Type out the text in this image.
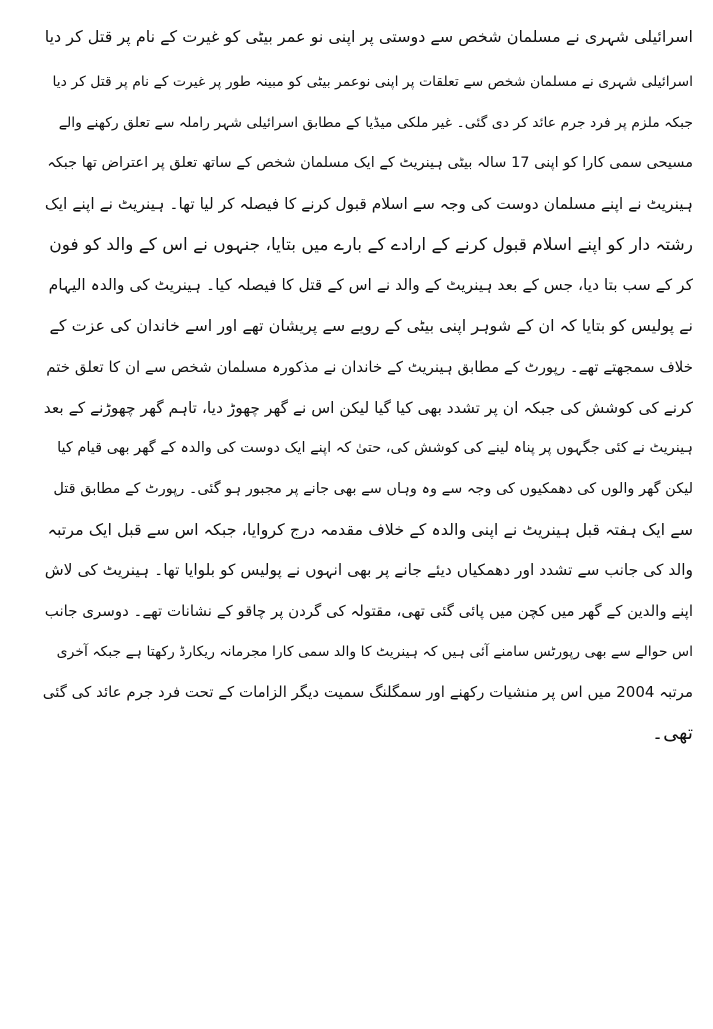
اسرائیلی شہری نے مسلمان شخص سے دوستی پر اپنی نو عمر بیٹی کو غیرت کے نام پر قتل کر دیا
اسرائیلی شہری نے مسلمان شخص سے تعلقات پر اپنی نوعمر بیٹی کو مبینہ طور پر غیرت کے نام پر قتل کر دیا
جبکہ ملزم پر فرد جرم عائد کر دی گئی۔ غیر ملکی میڈیا کے مطابق اسرائیلی شہر راملہ سے تعلق رکھنے والے
مسیحی سمی کارا کو اپنی 17 سالہ بیٹی ہینریٹ کے ایک مسلمان شخص کے ساتھ تعلق پر اعتراض تھا جبکہ
ہینریٹ نے اپنے مسلمان دوست کی وجہ سے اسلام قبول کرنے کا فیصلہ کر لیا تھا۔ ہینریٹ نے اپنے ایک
رشتہ دار کو اپنے اسلام قبول کرنے کے ارادے کے بارے میں بتایا، جنہوں نے اس کے والد کو فون
کر کے سب بتا دیا، جس کے بعد ہینریٹ کے والد نے اس کے قتل کا فیصلہ کیا۔ ہینریٹ کی والدہ الیہام
نے پولیس کو بتایا کہ ان کے شوہر اپنی بیٹی کے رویے سے پریشان تھے اور اسے خاندان کی عزت کے
خلاف سمجھتے تھے۔ رپورٹ کے مطابق ہینریٹ کے خاندان نے مذکورہ مسلمان شخص سے ان کا تعلق ختم
کرنے کی کوشش کی جبکہ ان پر تشدد بھی کیا گیا لیکن اس نے گھر چھوڑ دیا، تاہم گھر چھوڑنے کے بعد
ہینریٹ نے کئی جگہوں پر پناہ لینے کی کوشش کی، حتیٰ کہ اپنے ایک دوست کی والدہ کے گھر بھی قیام کیا
لیکن گھر والوں کی دھمکیوں کی وجہ سے وہ وہاں سے بھی جانے پر مجبور ہو گئی۔ رپورٹ کے مطابق قتل
سے ایک ہفتہ قبل ہینریٹ نے اپنی والدہ کے خلاف مقدمہ درج کروایا، جبکہ اس سے قبل ایک مرتبہ
والد کی جانب سے تشدد اور دھمکیاں دیئے جانے پر بھی انہوں نے پولیس کو بلوایا تھا۔ ہینریٹ کی لاش
اپنے والدین کے گھر میں کچن میں پائی گئی تھی، مقتولہ کی گردن پر چاقو کے نشانات تھے۔ دوسری جانب
اس حوالے سے بھی رپورٹس سامنے آئی ہیں کہ ہینریٹ کا والد سمی کارا مجرمانہ ریکارڈ رکھتا ہے جبکہ آخری
مرتبہ 2004 میں اس پر منشیات رکھنے اور سمگلنگ سمیت دیگر الزامات کے تحت فرد جرم عائد کی گئی
تھی۔
